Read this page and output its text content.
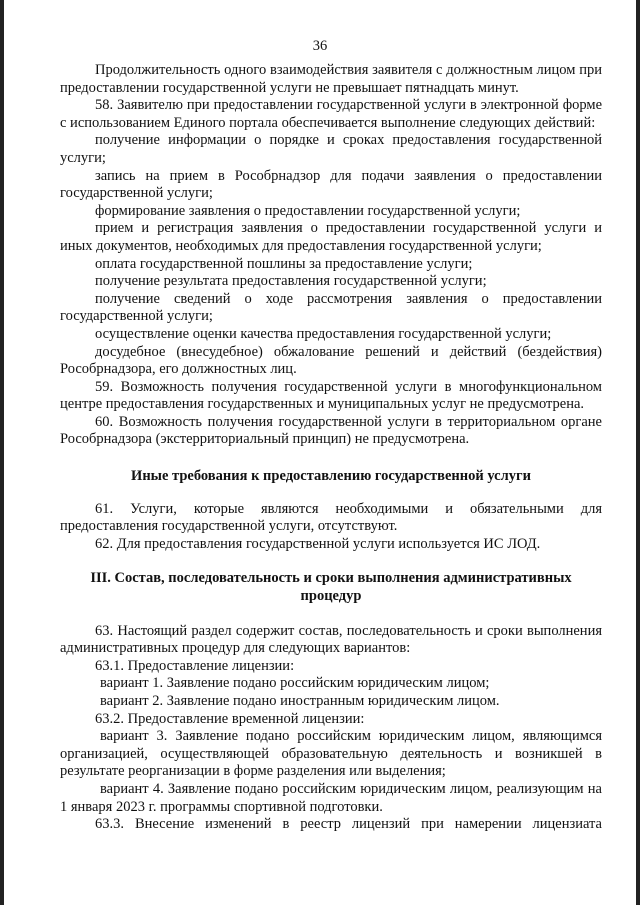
36

Продолжительность одного взаимодействия заявителя с должностным лицом при предоставлении государственной услуги не превышает пятнадцать минут.

58. Заявителю при предоставлении государственной услуги в электронной форме с использованием Единого портала обеспечивается выполнение следующих действий:

получение информации о порядке и сроках предоставления государственной услуги;

запись на прием в Рособрнадзор для подачи заявления о предоставлении государственной услуги;

формирование заявления о предоставлении государственной услуги;

прием и регистрация заявления о предоставлении государственной услуги и иных документов, необходимых для предоставления государственной услуги;

оплата государственной пошлины за предоставление услуги;

получение результата предоставления государственной услуги;

получение сведений о ходе рассмотрения заявления о предоставлении государственной услуги;

осуществление оценки качества предоставления государственной услуги;

досудебное (внесудебное) обжалование решений и действий (бездействия) Рособрнадзора, его должностных лиц.

59. Возможность получения государственной услуги в многофункциональном центре предоставления государственных и муниципальных услуг не предусмотрена.

60. Возможность получения государственной услуги в территориальном органе Рособрнадзора (экстерриториальный принцип) не предусмотрена.

Иные требования к предоставлению государственной услуги

61. Услуги, которые являются необходимыми и обязательными для предоставления государственной услуги, отсутствуют.

62. Для предоставления государственной услуги используется ИС ЛОД.

III. Состав, последовательность и сроки выполнения административных процедур

63. Настоящий раздел содержит состав, последовательность и сроки выполнения административных процедур для следующих вариантов:

63.1. Предоставление лицензии:

вариант 1. Заявление подано российским юридическим лицом;

вариант 2. Заявление подано иностранным юридическим лицом.

63.2. Предоставление временной лицензии:

вариант 3. Заявление подано российским юридическим лицом, являющимся организацией, осуществляющей образовательную деятельность и возникшей в результате реорганизации в форме разделения или выделения;

вариант 4. Заявление подано российским юридическим лицом, реализующим на 1 января 2023 г. программы спортивной подготовки.

63.3. Внесение изменений в реестр лицензий при намерении лицензиата
